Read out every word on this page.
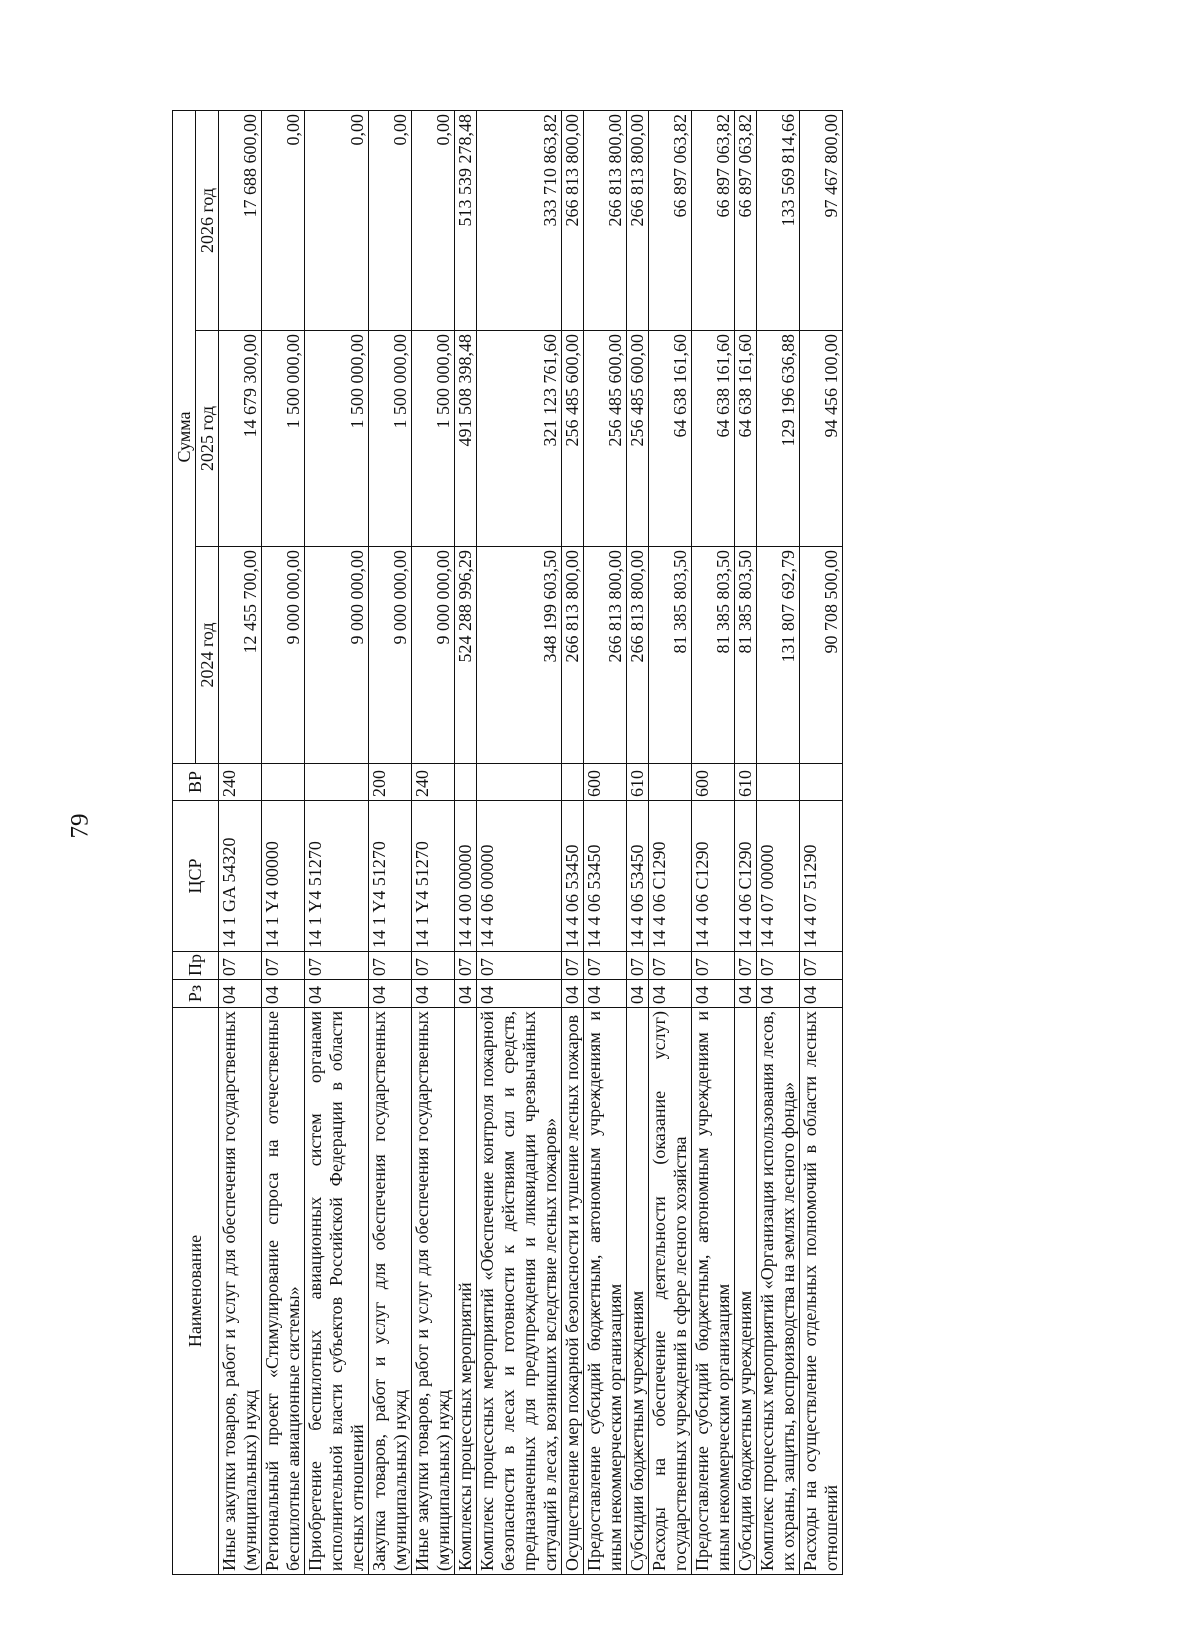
79
Наименование	Рз	Пр	ЦСР	ВР	Сумма		
					2024 год	2025 год	2026 год
Иные закупки товаров, работ и услуг для обеспечения государственных (муниципальных) нужд	04	07	14 1 GA 54320	240	12 455 700,00	14 679 300,00	17 688 600,00
Региональный проект «Стимулирование спроса на отечественные беспилотные авиационные системы»	04	07	14 1 Y4 00000		9 000 000,00	1 500 000,00	0,00
Приобретение беспилотных авиационных систем органами исполнительной власти субъектов Российской Федерации в области лесных отношений	04	07	14 1 Y4 51270		9 000 000,00	1 500 000,00	0,00
Закупка товаров, работ и услуг для обеспечения государственных (муниципальных) нужд	04	07	14 1 Y4 51270	200	9 000 000,00	1 500 000,00	0,00
Иные закупки товаров, работ и услуг для обеспечения государственных (муниципальных) нужд	04	07	14 1 Y4 51270	240	9 000 000,00	1 500 000,00	0,00
Комплексы процессных мероприятий	04	07	14 4 00 00000		524 288 996,29	491 508 398,48	513 539 278,48
Комплекс процессных мероприятий «Обеспечение контроля пожарной безопасности в лесах и готовности к действиям сил и средств, предназначенных для предупреждения и ликвидации чрезвычайных ситуаций в лесах, возникших вследствие лесных пожаров»	04	07	14 4 06 00000		348 199 603,50	321 123 761,60	333 710 863,82
Осуществление мер пожарной безопасности и тушение лесных пожаров	04	07	14 4 06 53450		266 813 800,00	256 485 600,00	266 813 800,00
Предоставление субсидий бюджетным, автономным учреждениям и иным некоммерческим организациям	04	07	14 4 06 53450	600	266 813 800,00	256 485 600,00	266 813 800,00
Субсидии бюджетным учреждениям	04	07	14 4 06 53450	610	266 813 800,00	256 485 600,00	266 813 800,00
Расходы на обеспечение деятельности (оказание услуг) государственных учреждений в сфере лесного хозяйства	04	07	14 4 06 C1290		81 385 803,50	64 638 161,60	66 897 063,82
Предоставление субсидий бюджетным, автономным учреждениям и иным некоммерческим организациям	04	07	14 4 06 C1290	600	81 385 803,50	64 638 161,60	66 897 063,82
Субсидии бюджетным учреждениям	04	07	14 4 06 C1290	610	81 385 803,50	64 638 161,60	66 897 063,82
Комплекс процессных мероприятий «Организация использования лесов, их охраны, защиты, воспроизводства на землях лесного фонда»	04	07	14 4 07 00000		131 807 692,79	129 196 636,88	133 569 814,66
Расходы на осуществление отдельных полномочий в области лесных отношений	04	07	14 4 07 51290		90 708 500,00	94 456 100,00	97 467 800,00
